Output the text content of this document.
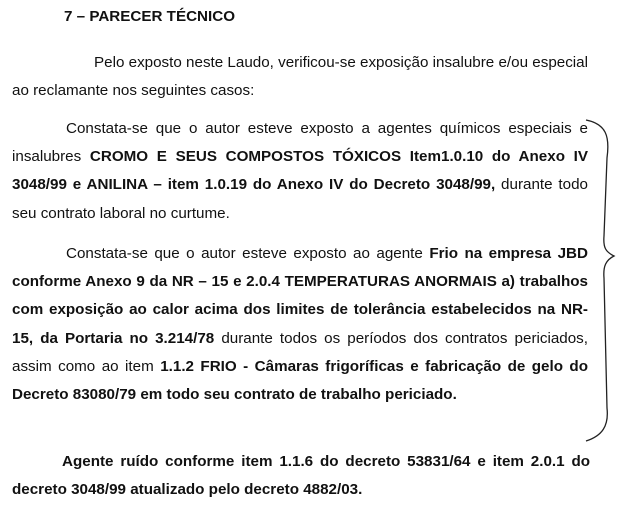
7 – PARECER TÉCNICO

Pelo exposto neste Laudo, verificou-se exposição insalubre e/ou especial ao reclamante nos seguintes casos:

Constata-se que o autor esteve exposto a agentes químicos especiais e insalubres CROMO E SEUS COMPOSTOS TÓXICOS Item1.0.10 do Anexo IV 3048/99 e ANILINA – item 1.0.19 do Anexo IV do Decreto 3048/99, durante todo seu contrato laboral no curtume.

Constata-se que o autor esteve exposto ao agente Frio na empresa JBD conforme Anexo 9 da NR – 15 e 2.0.4 TEMPERATURAS ANORMAIS a) trabalhos com exposição ao calor acima dos limites de tolerância estabelecidos na NR-15, da Portaria no 3.214/78 durante todos os períodos dos contratos periciados, assim como ao item 1.1.2 FRIO - Câmaras frigoríficas e fabricação de gelo do Decreto 83080/79 em todo seu contrato de trabalho periciado.

Agente ruído conforme item 1.1.6 do decreto 53831/64 e item 2.0.1 do decreto 3048/99 atualizado pelo decreto 4882/03.
